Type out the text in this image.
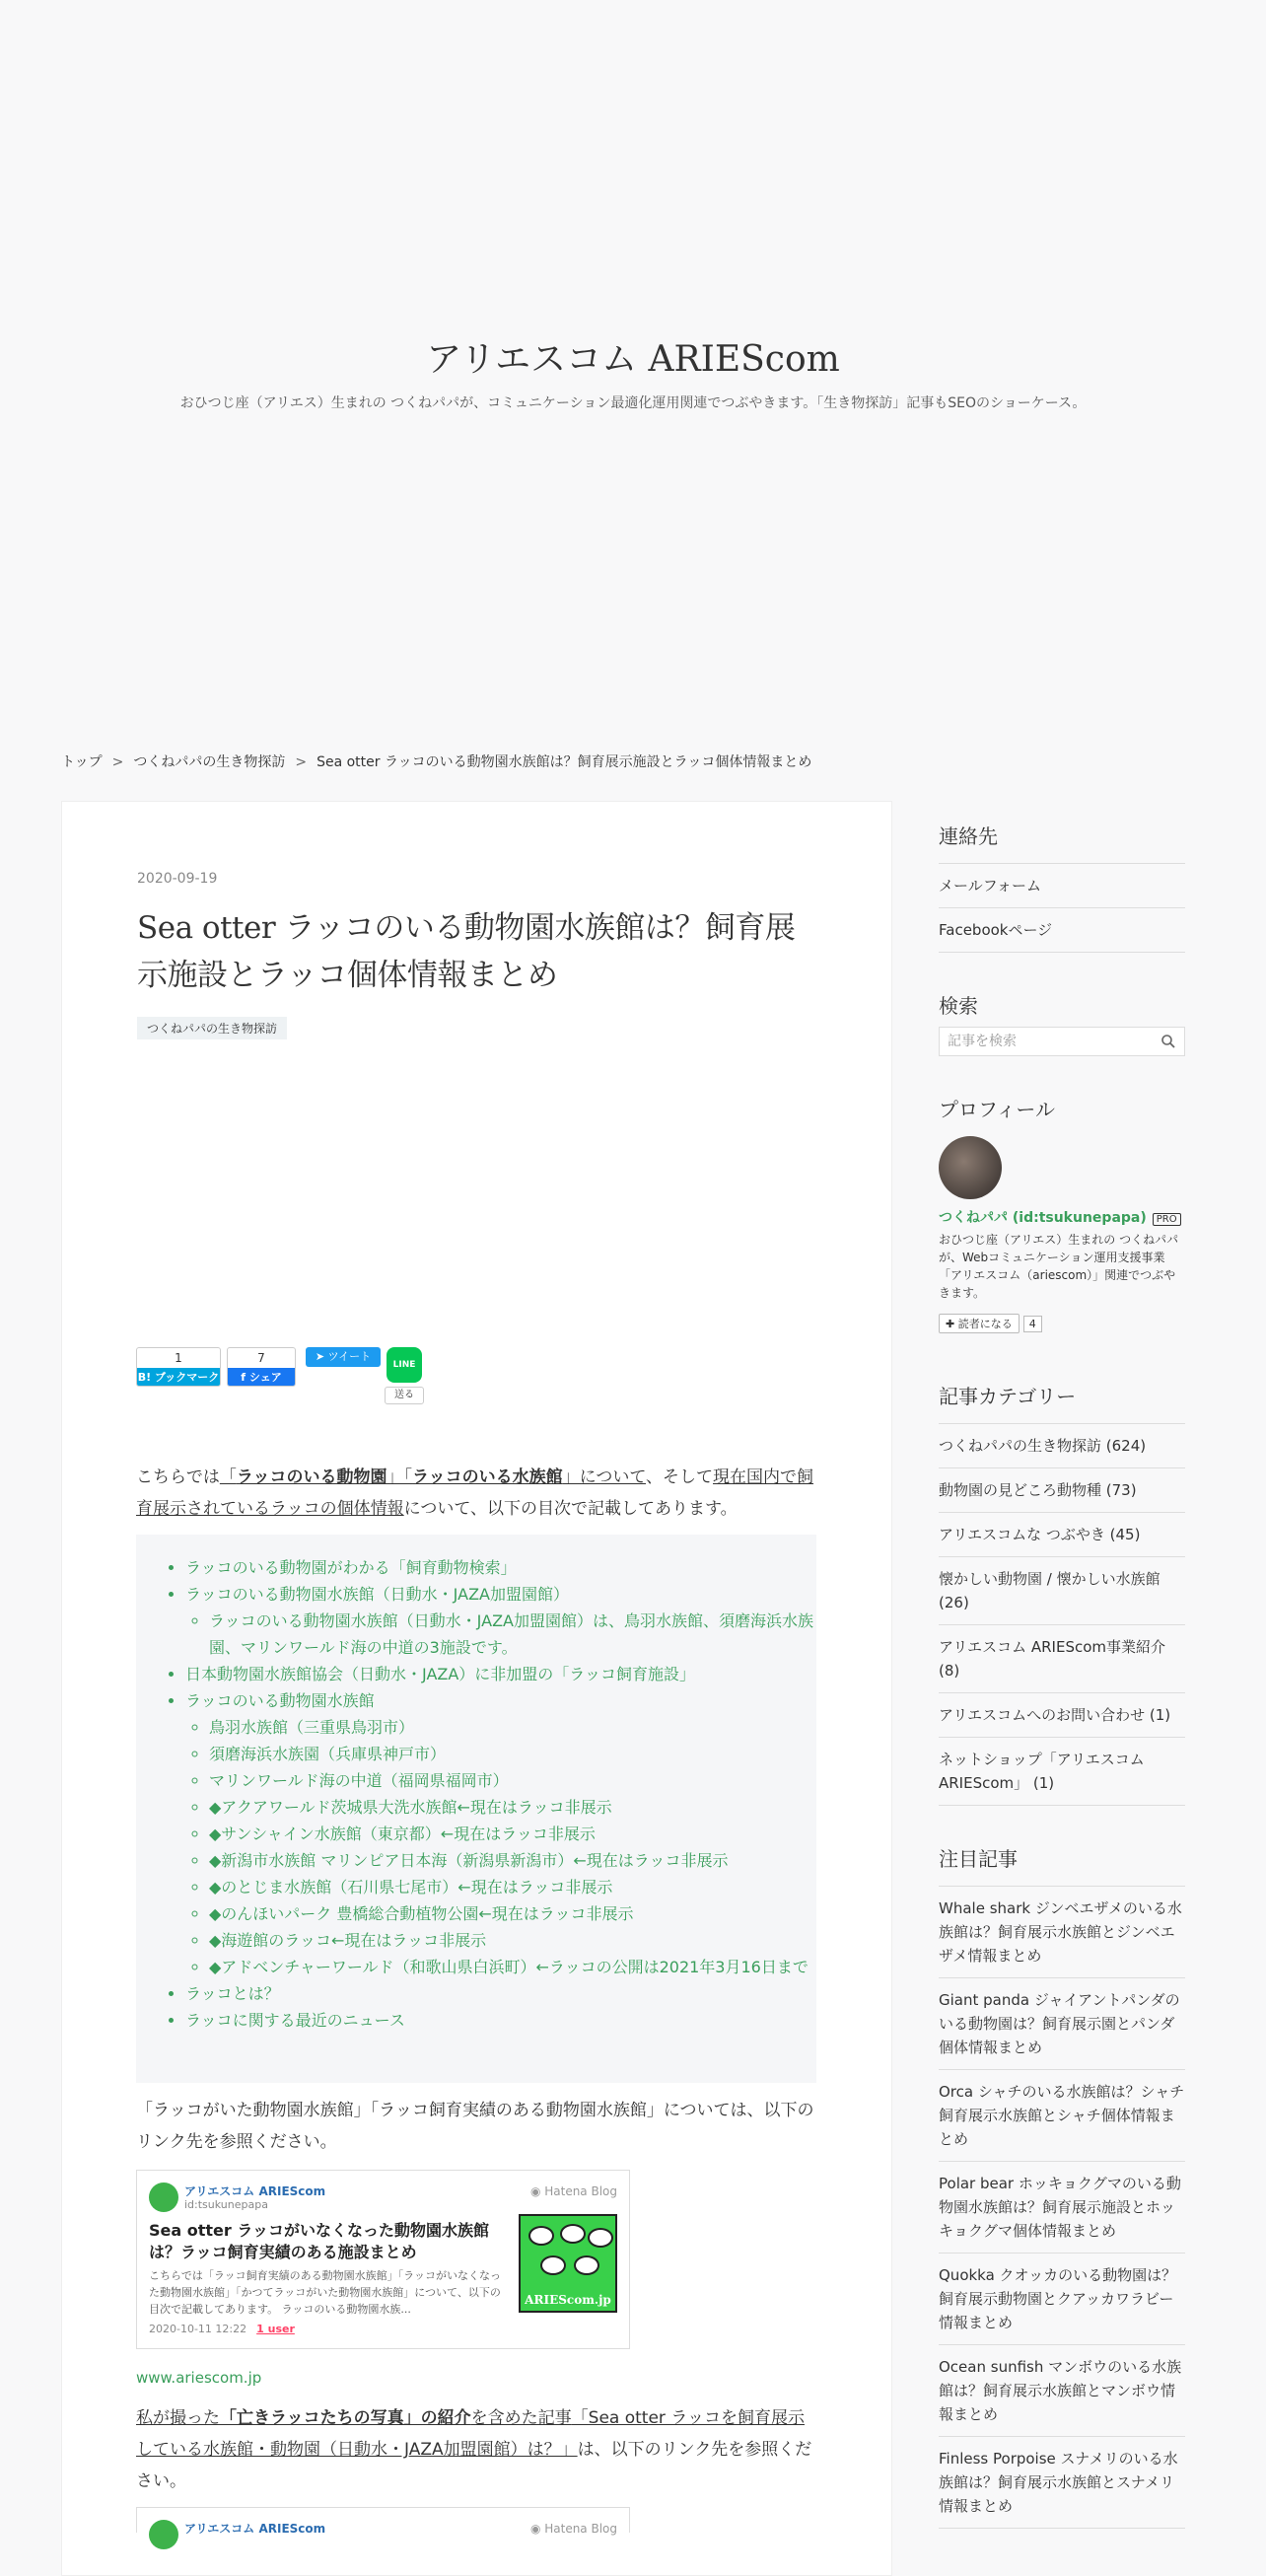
アリエスコム ARIEScom
おひつじ座（アリエス）生まれの つくねパパが、コミュニケーション最適化運用関連でつぶやきます。「生き物探訪」記事もSEOのショーケース。
トップ > つくねパパの生き物探訪 > Sea otter ラッコのいる動物園水族館は？飼育展示施設とラッコ個体情報まとめ
2020-09-19
Sea otter ラッコのいる動物園水族館は？飼育展示施設とラッコ個体情報まとめ
つくねパパの生き物探訪
1
B! ブックマーク
7
f シェア
➤ ツイート
LINE
送る

こちらでは「ラッコのいる動物園」「ラッコのいる水族館」について、そして現在国内で飼育展示されているラッコの個体情報について、以下の目次で記載してあります。

• ラッコのいる動物園がわかる「飼育動物検索」
• ラッコのいる動物園水族館（日動水・JAZA加盟園館）
◦ ラッコのいる動物園水族館（日動水・JAZA加盟園館）は、鳥羽水族館、須磨海浜水族園、マリンワールド海の中道の3施設です。
• 日本動物園水族館協会（日動水・JAZA）に非加盟の「ラッコ飼育施設」
• ラッコのいる動物園水族館
◦ 鳥羽水族館（三重県鳥羽市）
◦ 須磨海浜水族園（兵庫県神戸市）
◦ マリンワールド海の中道（福岡県福岡市）
◦ ◆アクアワールド茨城県大洗水族館←現在はラッコ非展示
◦ ◆サンシャイン水族館（東京都）←現在はラッコ非展示
◦ ◆新潟市水族館 マリンピア日本海（新潟県新潟市）←現在はラッコ非展示
◦ ◆のとじま水族館（石川県七尾市）←現在はラッコ非展示
◦ ◆のんほいパーク 豊橋総合動植物公園←現在はラッコ非展示
◦ ◆海遊館のラッコ←現在はラッコ非展示
◦ ◆アドベンチャーワールド（和歌山県白浜町）←ラッコの公開は2021年3月16日まで
• ラッコとは？
• ラッコに関する最近のニュース

「ラッコがいた動物園水族館」「ラッコ飼育実績のある動物園水族館」については、以下のリンク先を参照ください。

アリエスコム ARIEScom
id:tsukunepapa
◉ Hatena Blog
Sea otter ラッコがいなくなった動物園水族館は？ラッコ飼育実績のある施設まとめ
こちらでは「ラッコ飼育実績のある動物園水族館」「ラッコがいなくなった動物園水族館」「かつてラッコがいた動物園水族館」について、以下の目次で記載してあります。 ラッコのいる動物園水族...
2020-10-11 12:22 1 user
ARIEScom.jp
www.ariescom.jp

私が撮った「亡きラッコたちの写真」の紹介を含めた記事「Sea otter ラッコを飼育展示している水族館・動物園（日動水・JAZA加盟園館）は？」は、以下のリンク先を参照ください。

アリエスコム ARIEScom	◉ Hatena Blog
連絡先
メールフォーム
Facebookページ
検索
記事を検索
プロフィール
つくねパパ (id:tsukunepapa) PRO
おひつじ座（アリエス）生まれの つくねパパが、Webコミュニケーション運用支援事業「アリエスコム（ariescom）」関連でつぶやきます。
✚ 読者になる 4
記事カテゴリー
つくねパパの生き物探訪 (624)
動物園の見どころ動物種 (73)
アリエスコムな つぶやき (45)
懐かしい動物園 / 懐かしい水族館 (26)
アリエスコム ARIEScom事業紹介 (8)
アリエスコムへのお問い合わせ (1)
ネットショップ「アリエスコム ARIEScom」 (1)
注目記事
Whale shark ジンベエザメのいる水族館は？飼育展示水族館とジンベエザメ情報まとめ
Giant panda ジャイアントパンダのいる動物園は？飼育展示園とパンダ個体情報まとめ
Orca シャチのいる水族館は？シャチ飼育展示水族館とシャチ個体情報まとめ
Polar bear ホッキョクグマのいる動物園水族館は？飼育展示施設とホッキョクグマ個体情報まとめ
Quokka クオッカのいる動物園は？飼育展示動物園とクアッカワラビー情報まとめ
Ocean sunfish マンボウのいる水族館は？飼育展示水族館とマンボウ情報まとめ
Finless Porpoise スナメリのいる水族館は？飼育展示水族館とスナメリ情報まとめ
